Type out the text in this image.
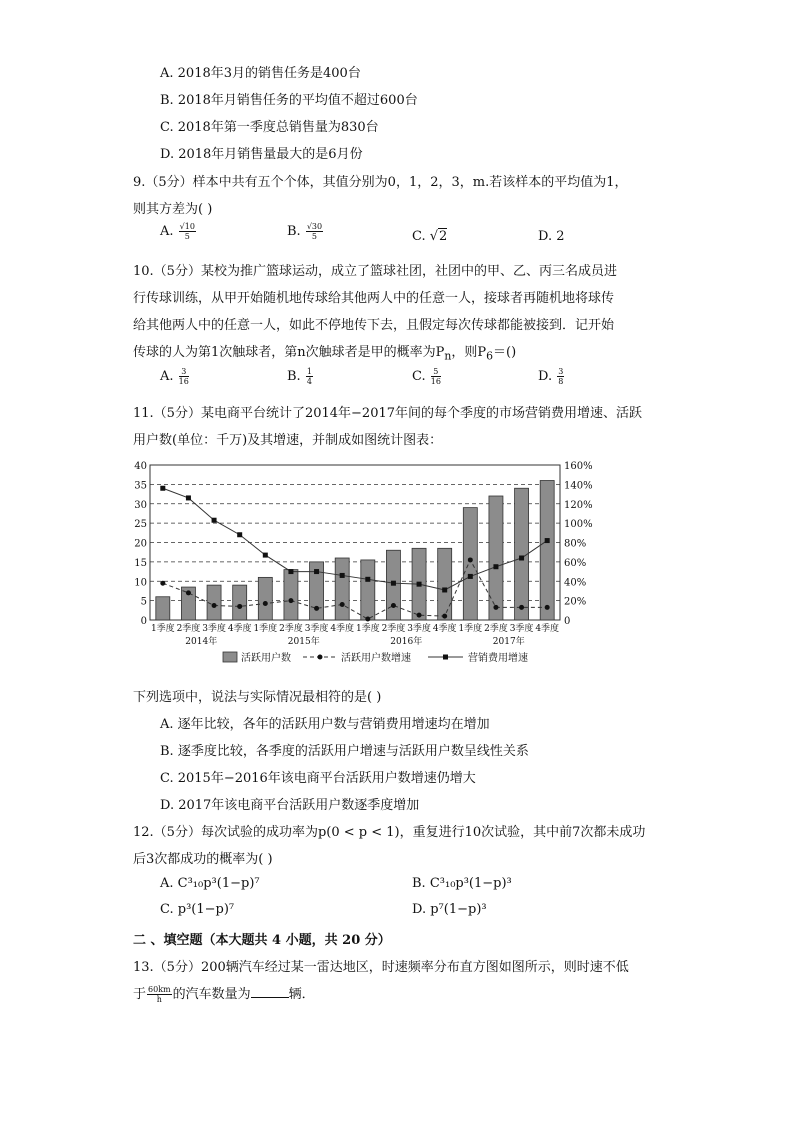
A. 2018年3月的销售任务是400台
B. 2018年月销售任务的平均值不超过600台
C. 2018年第一季度总销售量为830台
D. 2018年月销售量最大的是6月份
9.（5分）样本中共有五个个体，其值分别为0，1，2，3，m.若该样本的平均值为1，
则其方差为( )
A. $\frac{√10}{5}$	B. $\frac{√30}{5}$	C. √2	D. 2
10.（5分）某校为推广篮球运动，成立了篮球社团，社团中的甲、乙、丙三名成员进
行传球训练，从甲开始随机地传球给其他两人中的任意一人，接球者再随机地将球传
给其他两人中的任意一人，如此不停地传下去，且假定每次传球都能被接到．记开始
传球的人为第1次触球者，第n次触球者是甲的概率为$P_n$，则$P_6=()$
A. $\frac{3}{16}$	B. $\frac{1}{4}$	C. $\frac{5}{16}$	D. $\frac{3}{8}$
11.（5分）某电商平台统计了2014年−2017年间的每个季度的市场营销费用增速、活跃
用户数(单位：千万)及其增速，并制成如图统计图表：
0
5
10
15
20
25
30
35
40
0
20%
40%
60%
80%
100%
120%
140%
160%
1季度 2季度 3季度 4季度 1季度 2季度 3季度 4季度 1季度 2季度 3季度 4季度 1季度 2季度 3季度 4季度
2014年	2015年	2016年	2017年
活跃用户数	活跃用户数增速	营销费用增速
下列选项中，说法与实际情况最相符的是( )
A. 逐年比较，各年的活跃用户数与营销费用增速均在增加
B. 逐季度比较，各季度的活跃用户增速与活跃用户数呈线性关系
C. 2015年−2016年该电商平台活跃用户数增速仍增大
D. 2017年该电商平台活跃用户数逐季度增加
12.（5分）每次试验的成功率为p(0 < p < 1)，重复进行10次试验，其中前7次都未成功
后3次都成功的概率为( )
A. C³₁₀p³(1−p)⁷	B. C³₁₀p³(1−p)³
C. p³(1−p)⁷	D. p⁷(1−p)³
二 、填空题（本大题共 4 小题，共 20 分）
13.（5分）200辆汽车经过某一雷达地区，时速频率分布直方图如图所示，则时速不低
于 $\frac{60km}{h}$ 的汽车数量为	辆．
